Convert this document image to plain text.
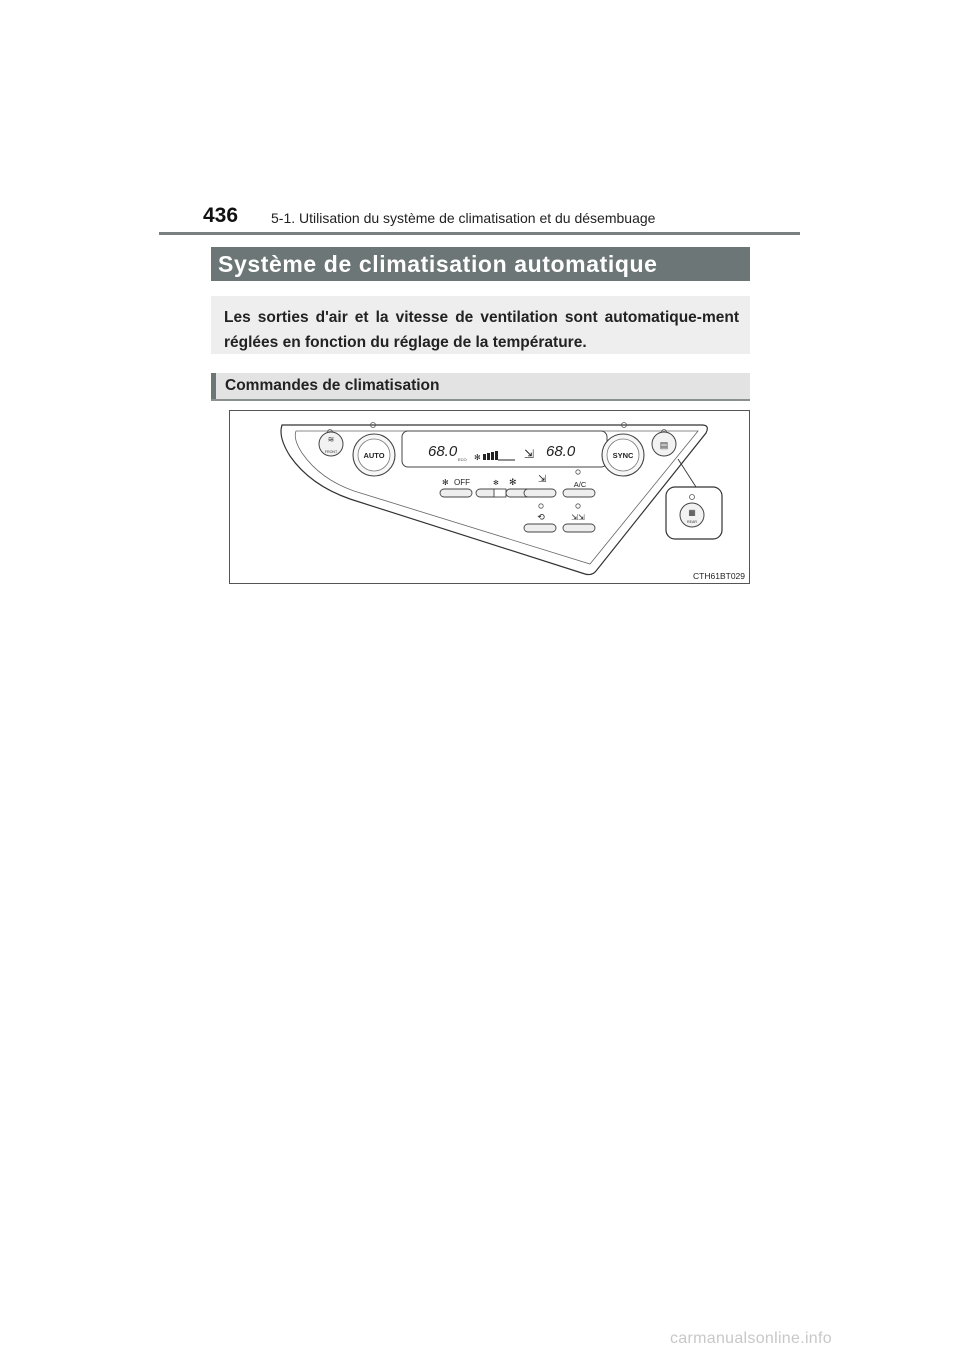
436 5-1. Utilisation du système de climatisation et du désembuage
Système de climatisation automatique
Les sorties d'air et la vitesse de ventilation sont automatique-ment réglées en fonction du réglage de la température.
Commandes de climatisation
≋
FRONT	AUTO	68.0 ECO ✻	⇲ 68.0	SYNC
▤
OFF
✻	✻ ✻ ⇲	A/C
⟲	⇲⇲
▦
REAR
CTH61BT029
carmanualsonline.info
